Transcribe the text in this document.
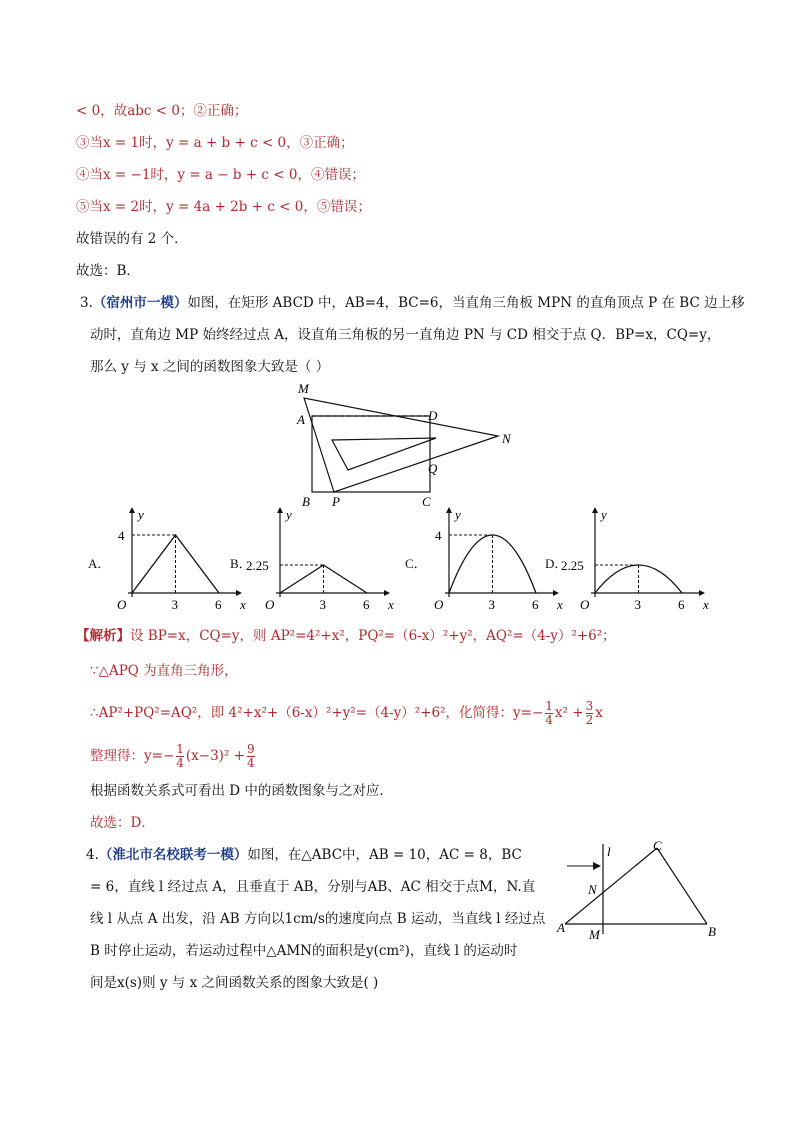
< 0，故abc < 0；②正确；
③当x = 1时，y = a + b + c < 0，③正确；
④当x = −1时，y = a − b + c < 0，④错误；
⑤当x = 2时，y = 4a + 2b + c < 0，⑤错误；
故错误的有 2 个．
故选：B．
3.（宿州市一模）如图，在矩形 ABCD 中，AB=4，BC=6，当直角三角板 MPN 的直角顶点 P 在 BC 边上移
动时，直角边 MP 始终经过点 A，设直角三角板的另一直角边 PN 与 CD 相交于点 Q．BP=x，CQ=y，
那么 y 与 x 之间的函数图象大致是（ ）
M
A	D
N
Q
B P	C
A．
4
3	6
O	x
y
B．
2.25
3	6
O	x
y
C．
4
3	6
O	x
y
D．
2.25
3	6
O	x
y
【解析】设 BP=x，CQ=y，则 AP²=4²+x²，PQ²=（6-x）²+y²，AQ²=（4-y）²+6²；
∵△APQ 为直角三角形，
∴AP²+PQ²=AQ²，即 4²+x²+（6-x）²+y²=（4-y）²+6²，化简得：$y=- \frac{1}{4} x^2 + \frac{3}{2}$ x
整理得：$y=- \frac{1}{4} (x-3)^2 + \frac{9}{4}$
根据函数关系式可看出 D 中的函数图象与之对应．
故选：D．
4.（淮北市名校联考一模）如图，在△ABC中，AB = 10，AC = 8，BC
= 6，直线 l 经过点 A，且垂直于 AB，分别与AB、AC 相交于点M，N.直
线 l 从点 A 出发，沿 AB 方向以1cm/s的速度向点 B 运动，当直线 l 经过点
B 时停止运动，若运动过程中△AMN的面积是y(cm²)，直线 l 的运动时
间是x(s)则 y 与 x 之间函数关系的图象大致是( )
l	C
N
A M	B
